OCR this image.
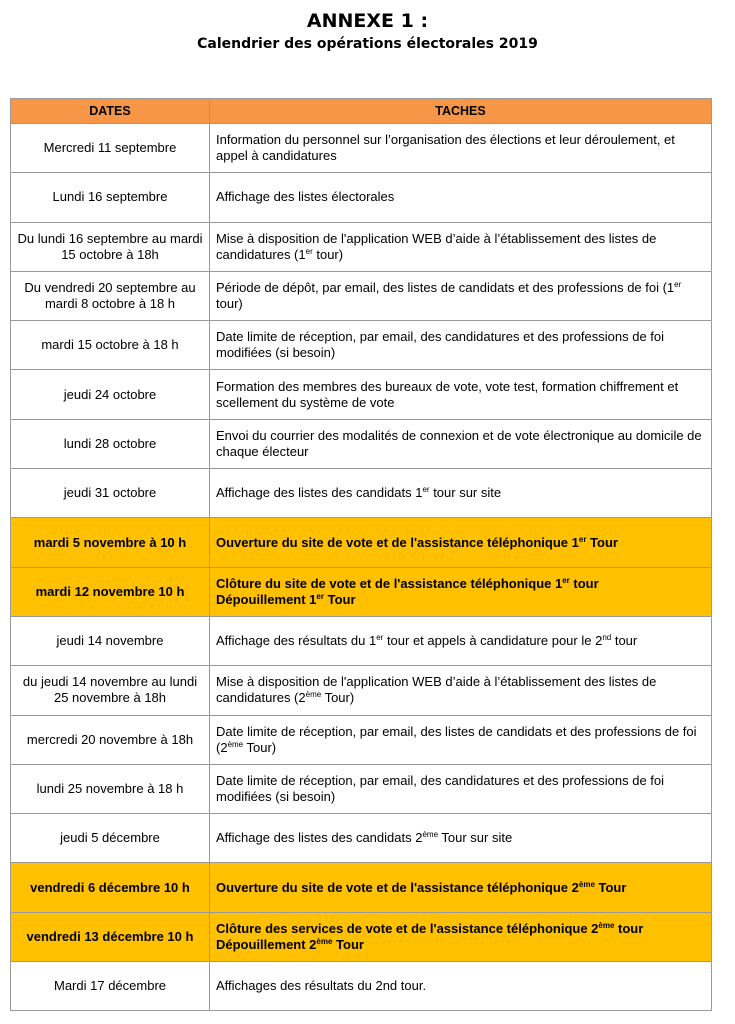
ANNEXE 1 :
Calendrier des opérations électorales 2019
DATES	TACHES
Mercredi 11 septembre	Information du personnel sur l’organisation des élections et leur déroulement, et appel à candidatures
Lundi 16 septembre	Affichage des listes électorales
Du lundi 16 septembre au mardi 15 octobre à 18h	Mise à disposition de l'application WEB d’aide à l’établissement des listes de candidatures (1er tour)
Du vendredi 20 septembre au mardi 8 octobre à 18 h	Période de dépôt, par email, des listes de candidats et des professions de foi (1er tour)
mardi 15 octobre à 18 h	Date limite de réception, par email, des candidatures et des professions de foi modifiées (si besoin)
jeudi 24 octobre	Formation des membres des bureaux de vote, vote test, formation chiffrement et scellement du système de vote
lundi 28 octobre	Envoi du courrier des modalités de connexion et de vote électronique au domicile de chaque électeur
jeudi 31 octobre	Affichage des listes des candidats 1er tour sur site
mardi 5 novembre à 10 h	Ouverture du site de vote et de l'assistance téléphonique 1er Tour
mardi 12 novembre 10 h	Clôture du site de vote et de l'assistance téléphonique 1er tour
Dépouillement 1er Tour
jeudi 14 novembre	Affichage des résultats du 1er tour et appels à candidature pour le 2nd tour
du jeudi 14 novembre au lundi 25 novembre à 18h	Mise à disposition de l'application WEB d’aide à l’établissement des listes de candidatures (2ème Tour)
mercredi 20 novembre à 18h	Date limite de réception, par email, des listes de candidats et des professions de foi (2ème Tour)
lundi 25 novembre à 18 h	Date limite de réception, par email, des candidatures et des professions de foi modifiées (si besoin)
jeudi 5 décembre	Affichage des listes des candidats 2ème Tour sur site
vendredi 6 décembre 10 h	Ouverture du site de vote et de l'assistance téléphonique 2ème Tour
vendredi 13 décembre 10 h	Clôture des services de vote et de l'assistance téléphonique 2ème tour
Dépouillement 2ème Tour
Mardi 17 décembre	Affichages des résultats du 2nd tour.
